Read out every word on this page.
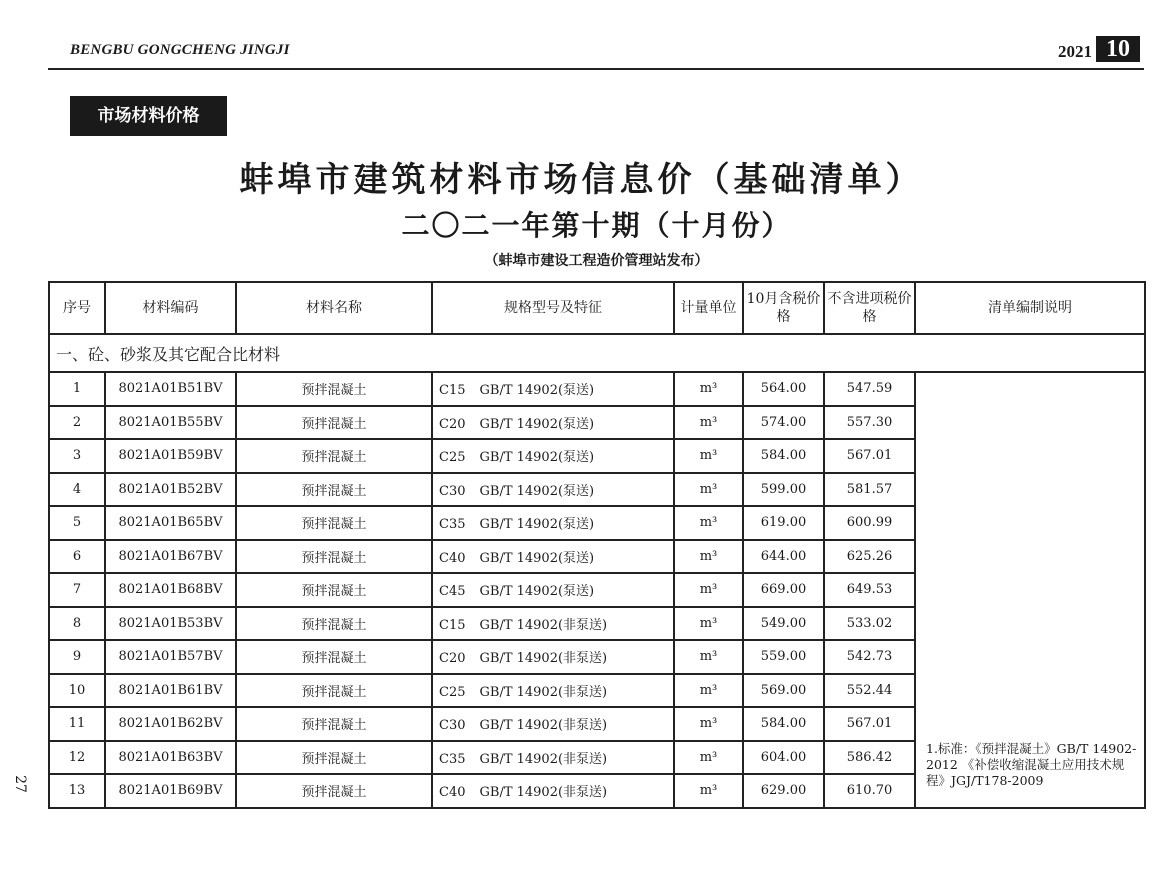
BENGBU GONGCHENG JINGJI	2021 10
市场材料价格
蚌埠市建筑材料市场信息价（基础清单）
二〇二一年第十期（十月份）
（蚌埠市建设工程造价管理站发布）
27
序号	材料编码	材料名称	规格型号及特征	计量单位	10月含税价格	不含进项税价格	清单编制说明
一、砼、砂浆及其它配合比材料							
1	8021A01B51BV	预拌混凝土	C15 GB/T 14902(泵送)	m³	564.00	547.59	1.标准：《预拌混凝土》GB/T 14902-2012 《补偿收缩混凝土应用技术规程》JGJ/T178-2009
2	8021A01B55BV	预拌混凝土	C20 GB/T 14902(泵送)	m³	574.00	557.30	
3	8021A01B59BV	预拌混凝土	C25 GB/T 14902(泵送)	m³	584.00	567.01	
4	8021A01B52BV	预拌混凝土	C30 GB/T 14902(泵送)	m³	599.00	581.57	
5	8021A01B65BV	预拌混凝土	C35 GB/T 14902(泵送)	m³	619.00	600.99	
6	8021A01B67BV	预拌混凝土	C40 GB/T 14902(泵送)	m³	644.00	625.26	
7	8021A01B68BV	预拌混凝土	C45 GB/T 14902(泵送)	m³	669.00	649.53	
8	8021A01B53BV	预拌混凝土	C15 GB/T 14902(非泵送)	m³	549.00	533.02	
9	8021A01B57BV	预拌混凝土	C20 GB/T 14902(非泵送)	m³	559.00	542.73	
10	8021A01B61BV	预拌混凝土	C25 GB/T 14902(非泵送)	m³	569.00	552.44	
11	8021A01B62BV	预拌混凝土	C30 GB/T 14902(非泵送)	m³	584.00	567.01	
12	8021A01B63BV	预拌混凝土	C35 GB/T 14902(非泵送)	m³	604.00	586.42	
13	8021A01B69BV	预拌混凝土	C40 GB/T 14902(非泵送)	m³	629.00	610.70	
